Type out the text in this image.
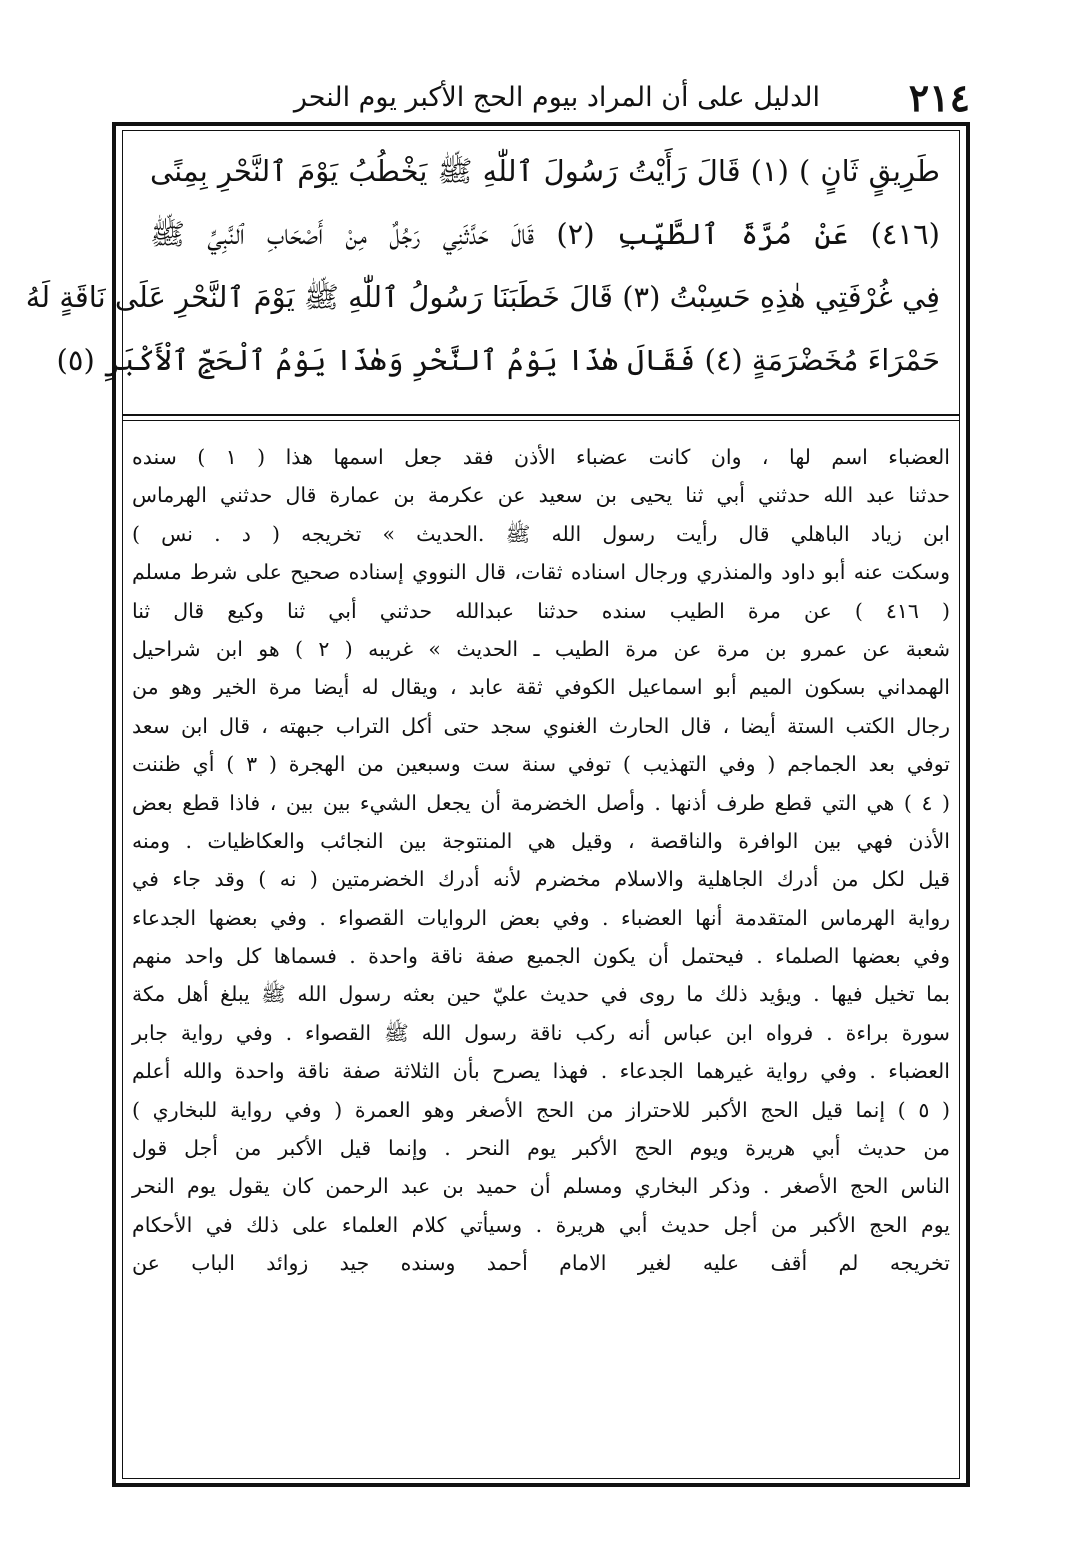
٢١٤
الدليل على أن المراد بيوم الحج الأكبر يوم النحر
طَرِيقٍ ثَانٍ ) (١) قَالَ رَأَيْتُ رَسُولَ ٱللّٰهِ ﷺ يَخْطُبُ يَوْمَ ٱلنَّحْرِ بِمِنًى
(٤١٦) عَنْ مُرَّةَ ٱلطَّيِّبِ (٢) قَالَ حَدَّثَنِي رَجُلٌ مِنْ أَصْحَابِ ٱلنَّبِيِّ ﷺ
فِي غُرْفَتِي هٰذِهِ حَسِبْتُ (٣) قَالَ خَطَبَنَا رَسُولُ ٱللّٰهِ ﷺ يَوْمَ ٱلنَّحْرِ عَلَى نَاقَةٍ لَهُ
حَمْرَاءَ مُخَضْرَمَةٍ (٤) فَقَالَ هٰذَا يَوْمُ ٱلنَّحْرِ وَهٰذَا يَوْمُ ٱلْحَجِّ ٱلْأَكْبَرِ (٥)
العضباء اسم لها ، وان كانت عضباء الأذن فقد جعل اسمها هذا ( ١ ) سنده
حدثنا عبد الله حدثني أبي ثنا يحيى بن سعيد عن عكرمة بن عمارة قال حدثني الهرماس
ابن زياد الباهلي قال رأيت رسول الله ﷺ .الحديث » تخريجه ( د . نس )
وسكت عنه أبو داود والمنذري ورجال اسناده ثقات، قال النووي إسناده صحيح على شرط مسلم
( ٤١٦ ) عن مرة الطيب سنده حدثنا عبدالله حدثني أبي ثنا وكيع قال ثنا
شعبة عن عمرو بن مرة عن مرة الطيب ـ الحديث » غريبه ( ٢ ) هو ابن شراحيل
الهمداني بسكون الميم أبو اسماعيل الكوفي ثقة عابد ، ويقال له أيضا مرة الخير وهو من
رجال الكتب الستة أيضا ، قال الحارث الغنوي سجد حتى أكل التراب جبهته ، قال ابن سعد
توفي بعد الجماجم ( وفي التهذيب ) توفي سنة ست وسبعين من الهجرة ( ٣ ) أي ظننت
( ٤ ) هي التي قطع طرف أذنها . وأصل الخضرمة أن يجعل الشيء بين بين ، فاذا قطع بعض
الأذن فهي بين الوافرة والناقصة ، وقيل هي المنتوجة بين النجائب والعكاظيات . ومنه
قيل لكل من أدرك الجاهلية والاسلام مخضرم لأنه أدرك الخضرمتين ( نه ) وقد جاء في
رواية الهرماس المتقدمة أنها العضباء . وفي بعض الروايات القصواء . وفي بعضها الجدعاء
وفي بعضها الصلماء . فيحتمل أن يكون الجميع صفة ناقة واحدة . فسماها كل واحد منهم
بما تخيل فيها . ويؤيد ذلك ما روى في حديث عليّ حين بعثه رسول الله ﷺ يبلغ أهل مكة
سورة براءة . فرواه ابن عباس أنه ركب ناقة رسول الله ﷺ القصواء . وفي رواية جابر
العضباء . وفي رواية غيرهما الجدعاء . فهذا يصرح بأن الثلاثة صفة ناقة واحدة والله أعلم
( ٥ ) إنما قيل الحج الأكبر للاحتراز من الحج الأصغر وهو العمرة ( وفي رواية للبخاري )
من حديث أبي هريرة ويوم الحج الأكبر يوم النحر . وإنما قيل الأكبر من أجل قول
الناس الحج الأصغر . وذكر البخاري ومسلم أن حميد بن عبد الرحمن كان يقول يوم النحر
يوم الحج الأكبر من أجل حديث أبي هريرة . وسيأتي كلام العلماء على ذلك في الأحكام
تخريجه لم أقف عليه لغير الامام أحمد وسنده جيد زوائد الباب عن
